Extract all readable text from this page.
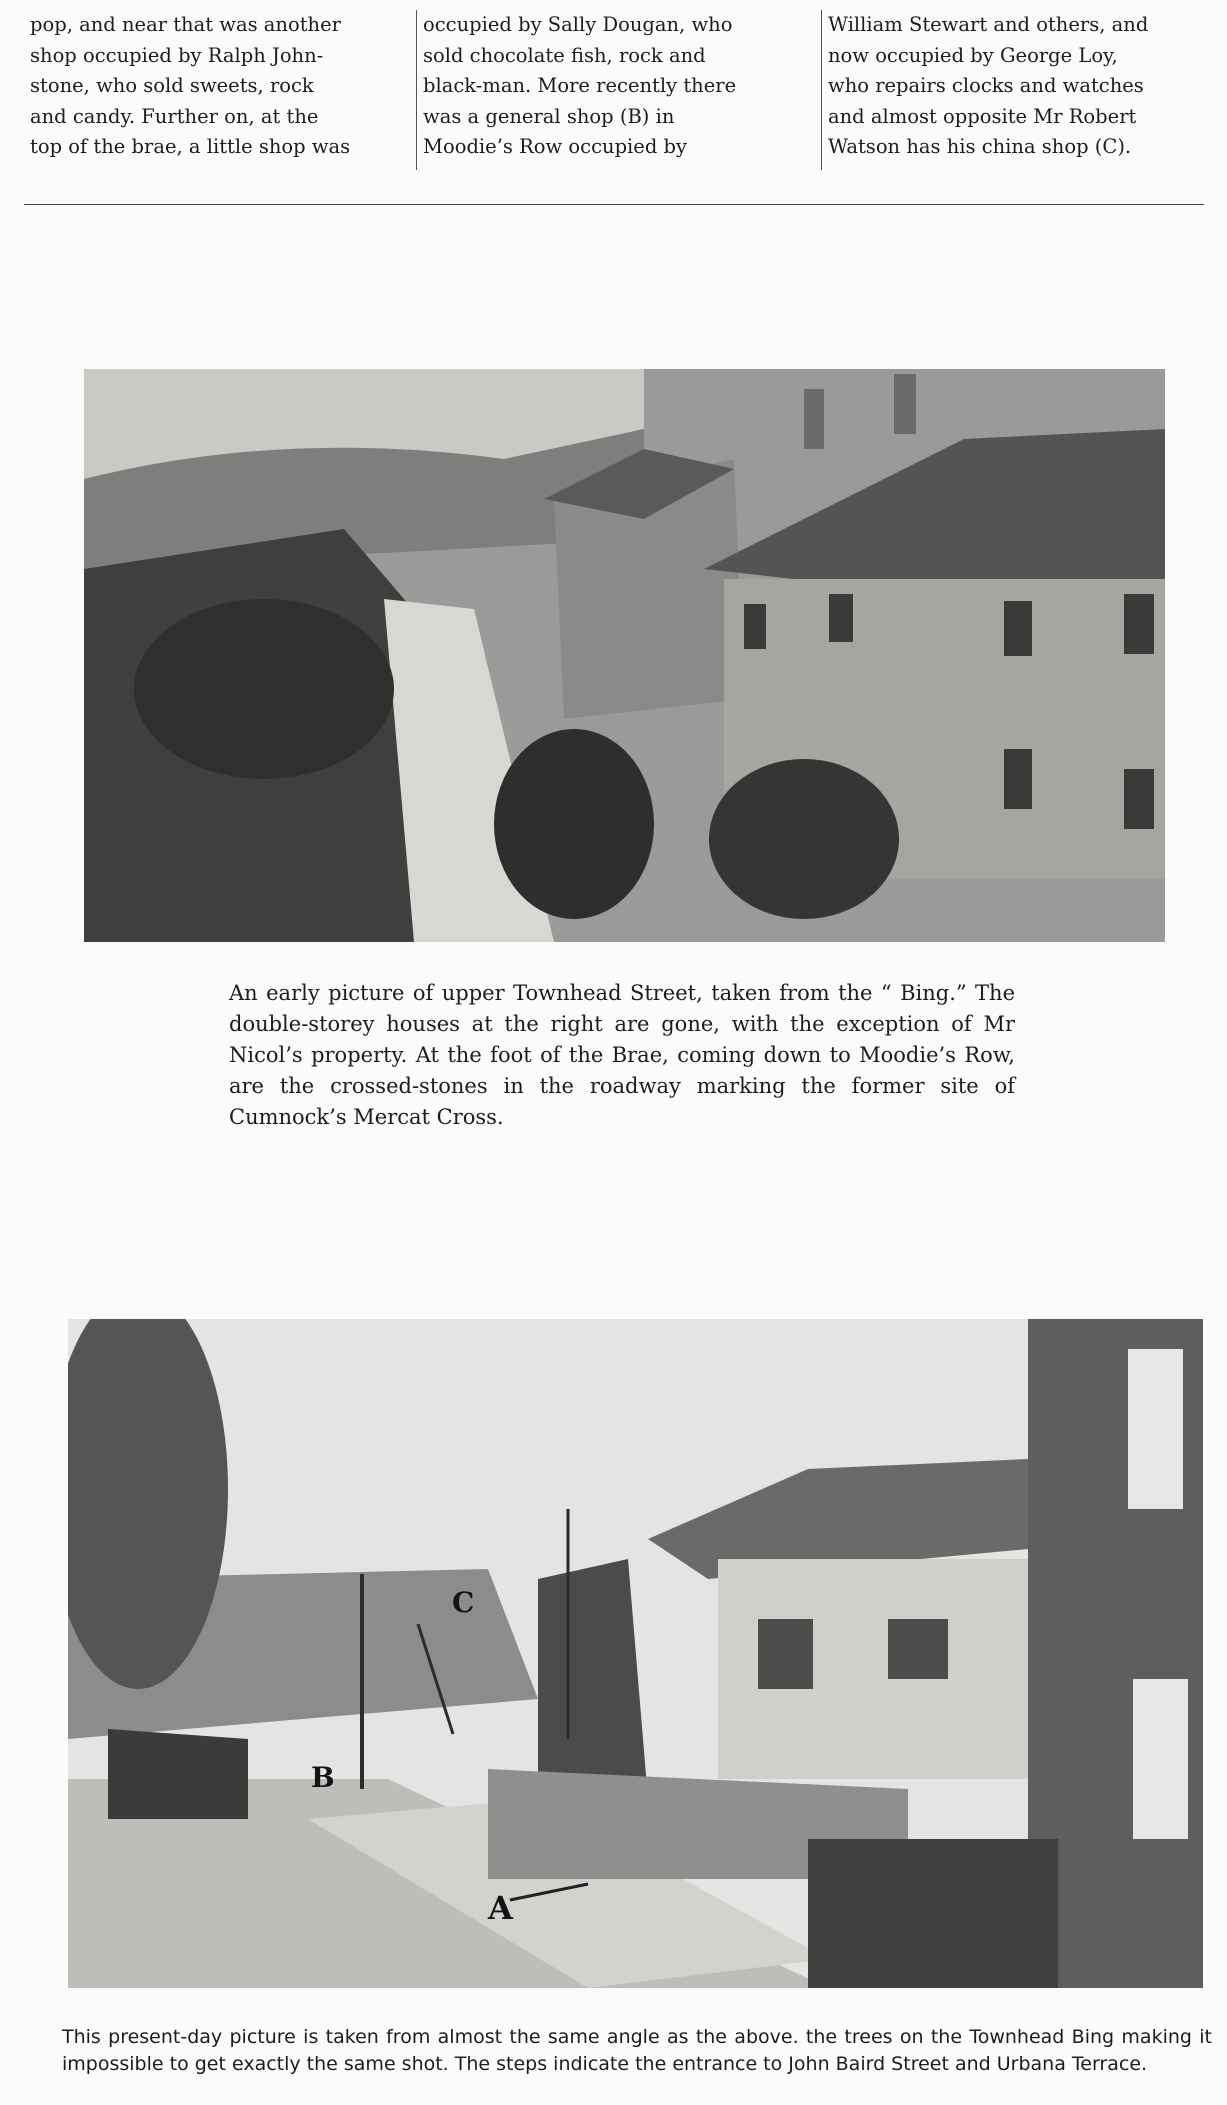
pop, and near that was another
shop occupied by Ralph John-
stone, who sold sweets, rock
and candy. Further on, at the
top of the brae, a little shop was
occupied by Sally Dougan, who
sold chocolate fish, rock and
black-man. More recently there
was a general shop (B) in
Moodie’s Row occupied by
William Stewart and others, and
now occupied by George Loy,
who repairs clocks and watches
and almost opposite Mr Robert
Watson has his china shop (C).
An early picture of upper Townhead Street, taken from the “ Bing.” The double-storey houses at the right are gone, with the exception of Mr Nicol’s property. At the foot of the Brae, coming down to Moodie’s Row, are the crossed-stones in the roadway marking the former site of Cumnock’s Mercat Cross.
C
B
A
This present-day picture is taken from almost the same angle as the above. the trees on the Townhead Bing making it impossible to get exactly the same shot. The steps indicate the entrance to John Baird Street and Urbana Terrace.
